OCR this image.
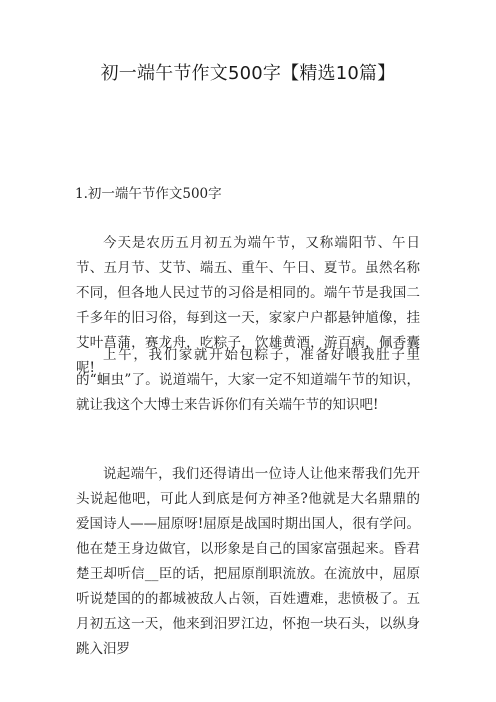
初一端午节作文500字【精选10篇】
1.初一端午节作文500字

今天是农历五月初五为端午节，又称端阳节、午日节、五月节、艾节、端五、重午、午日、夏节。虽然名称不同，但各地人民过节的习俗是相同的。端午节是我国二千多年的旧习俗，每到这一天，家家户户都悬钟馗像，挂艾叶菖蒲，赛龙舟，吃粽子，饮雄黄酒，游百病，佩香囊呢!

上午，我们家就开始包粽子，准备好喂我肚子里的“蛔虫”了。说道端午，大家一定不知道端午节的知识，就让我这个大博士来告诉你们有关端午节的知识吧!

说起端午，我们还得请出一位诗人让他来帮我们先开头说起他吧，可此人到底是何方神圣?他就是大名鼎鼎的爱国诗人——屈原呀!屈原是战国时期出国人，很有学问。他在楚王身边做官，以形象是自己的国家富强起来。昏君楚王却听信__臣的话，把屈原削职流放。在流放中，屈原听说楚国的的都城被敌人占领，百姓遭难，悲愤极了。五月初五这一天，他来到汨罗江边，怀抱一块石头，以纵身跳入汨罗
